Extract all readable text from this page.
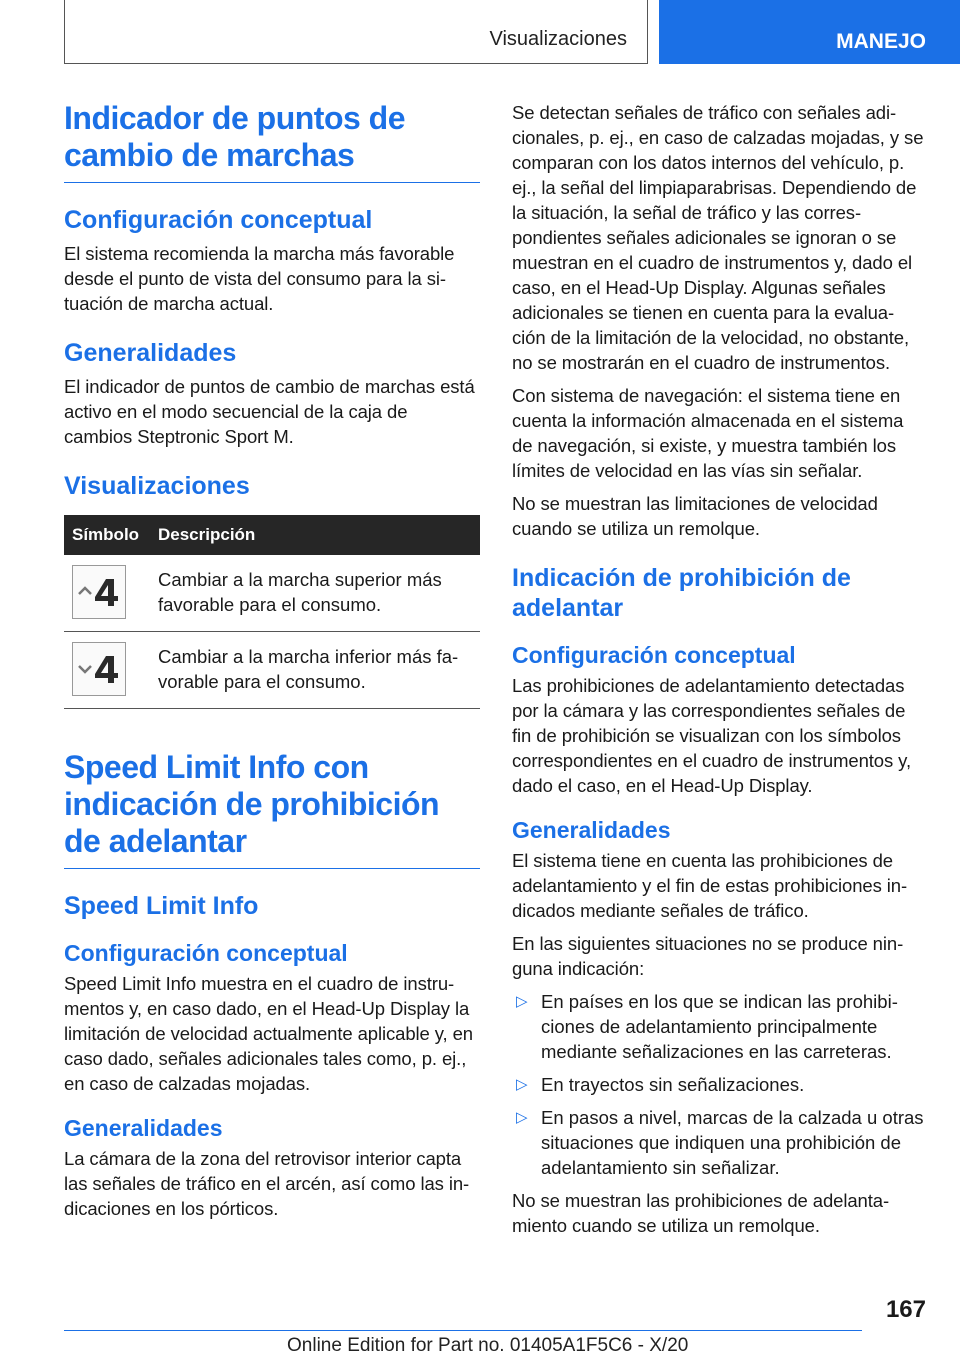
Visualizaciones	MANEJO
Indicador de puntos de cambio de marchas
Configuración conceptual

El sistema recomienda la marcha más favorable desde el punto de vista del consumo para la si- tuación de marcha actual.

Generalidades

El indicador de puntos de cambio de marchas está activo en el modo secuencial de la caja de cambios Steptronic Sport M.

Visualizaciones
Símbolo	Descripción

	Cambiar a la marcha superior más favorable para el consumo.

	Cambiar a la marcha inferior más fa- vorable para el consumo.
Speed Limit Info con indicación de prohibición de adelantar
Speed Limit Info
Configuración conceptual

Speed Limit Info muestra en el cuadro de instru- mentos y, en caso dado, en el Head-Up Display la limitación de velocidad actualmente aplicable y, en caso dado, señales adicionales tales como, p. ej., en caso de calzadas mojadas.

Generalidades

La cámara de la zona del retrovisor interior capta las señales de tráfico en el arcén, así como las in- dicaciones en los pórticos.

Se detectan señales de tráfico con señales adi- cionales, p. ej., en caso de calzadas mojadas, y se comparan con los datos internos del vehículo, p. ej., la señal del limpiaparabrisas. Dependiendo de la situación, la señal de tráfico y las corres- pondientes señales adicionales se ignoran o se muestran en el cuadro de instrumentos y, dado el caso, en el Head-Up Display. Algunas señales adicionales se tienen en cuenta para la evalua- ción de la limitación de la velocidad, no obstante, no se mostrarán en el cuadro de instrumentos.

Con sistema de navegación: el sistema tiene en cuenta la información almacenada en el sistema de navegación, si existe, y muestra también los límites de velocidad en las vías sin señalar.

No se muestran las limitaciones de velocidad cuando se utiliza un remolque.

Indicación de prohibición de adelantar
Configuración conceptual

Las prohibiciones de adelantamiento detectadas por la cámara y las correspondientes señales de fin de prohibición se visualizan con los símbolos correspondientes en el cuadro de instrumentos y, dado el caso, en el Head-Up Display.

Generalidades

El sistema tiene en cuenta las prohibiciones de adelantamiento y el fin de estas prohibiciones in- dicados mediante señales de tráfico.

En las siguientes situaciones no se produce nin- guna indicación:

▷ En países en los que se indican las prohibi- ciones de adelantamiento principalmente mediante señalizaciones en las carreteras.
▷ En trayectos sin señalizaciones.
▷ En pasos a nivel, marcas de la calzada u otras situaciones que indiquen una prohibición de adelantamiento sin señalizar.

No se muestran las prohibiciones de adelanta- miento cuando se utiliza un remolque.

167
Online Edition for Part no. 01405A1F5C6 - X/20
